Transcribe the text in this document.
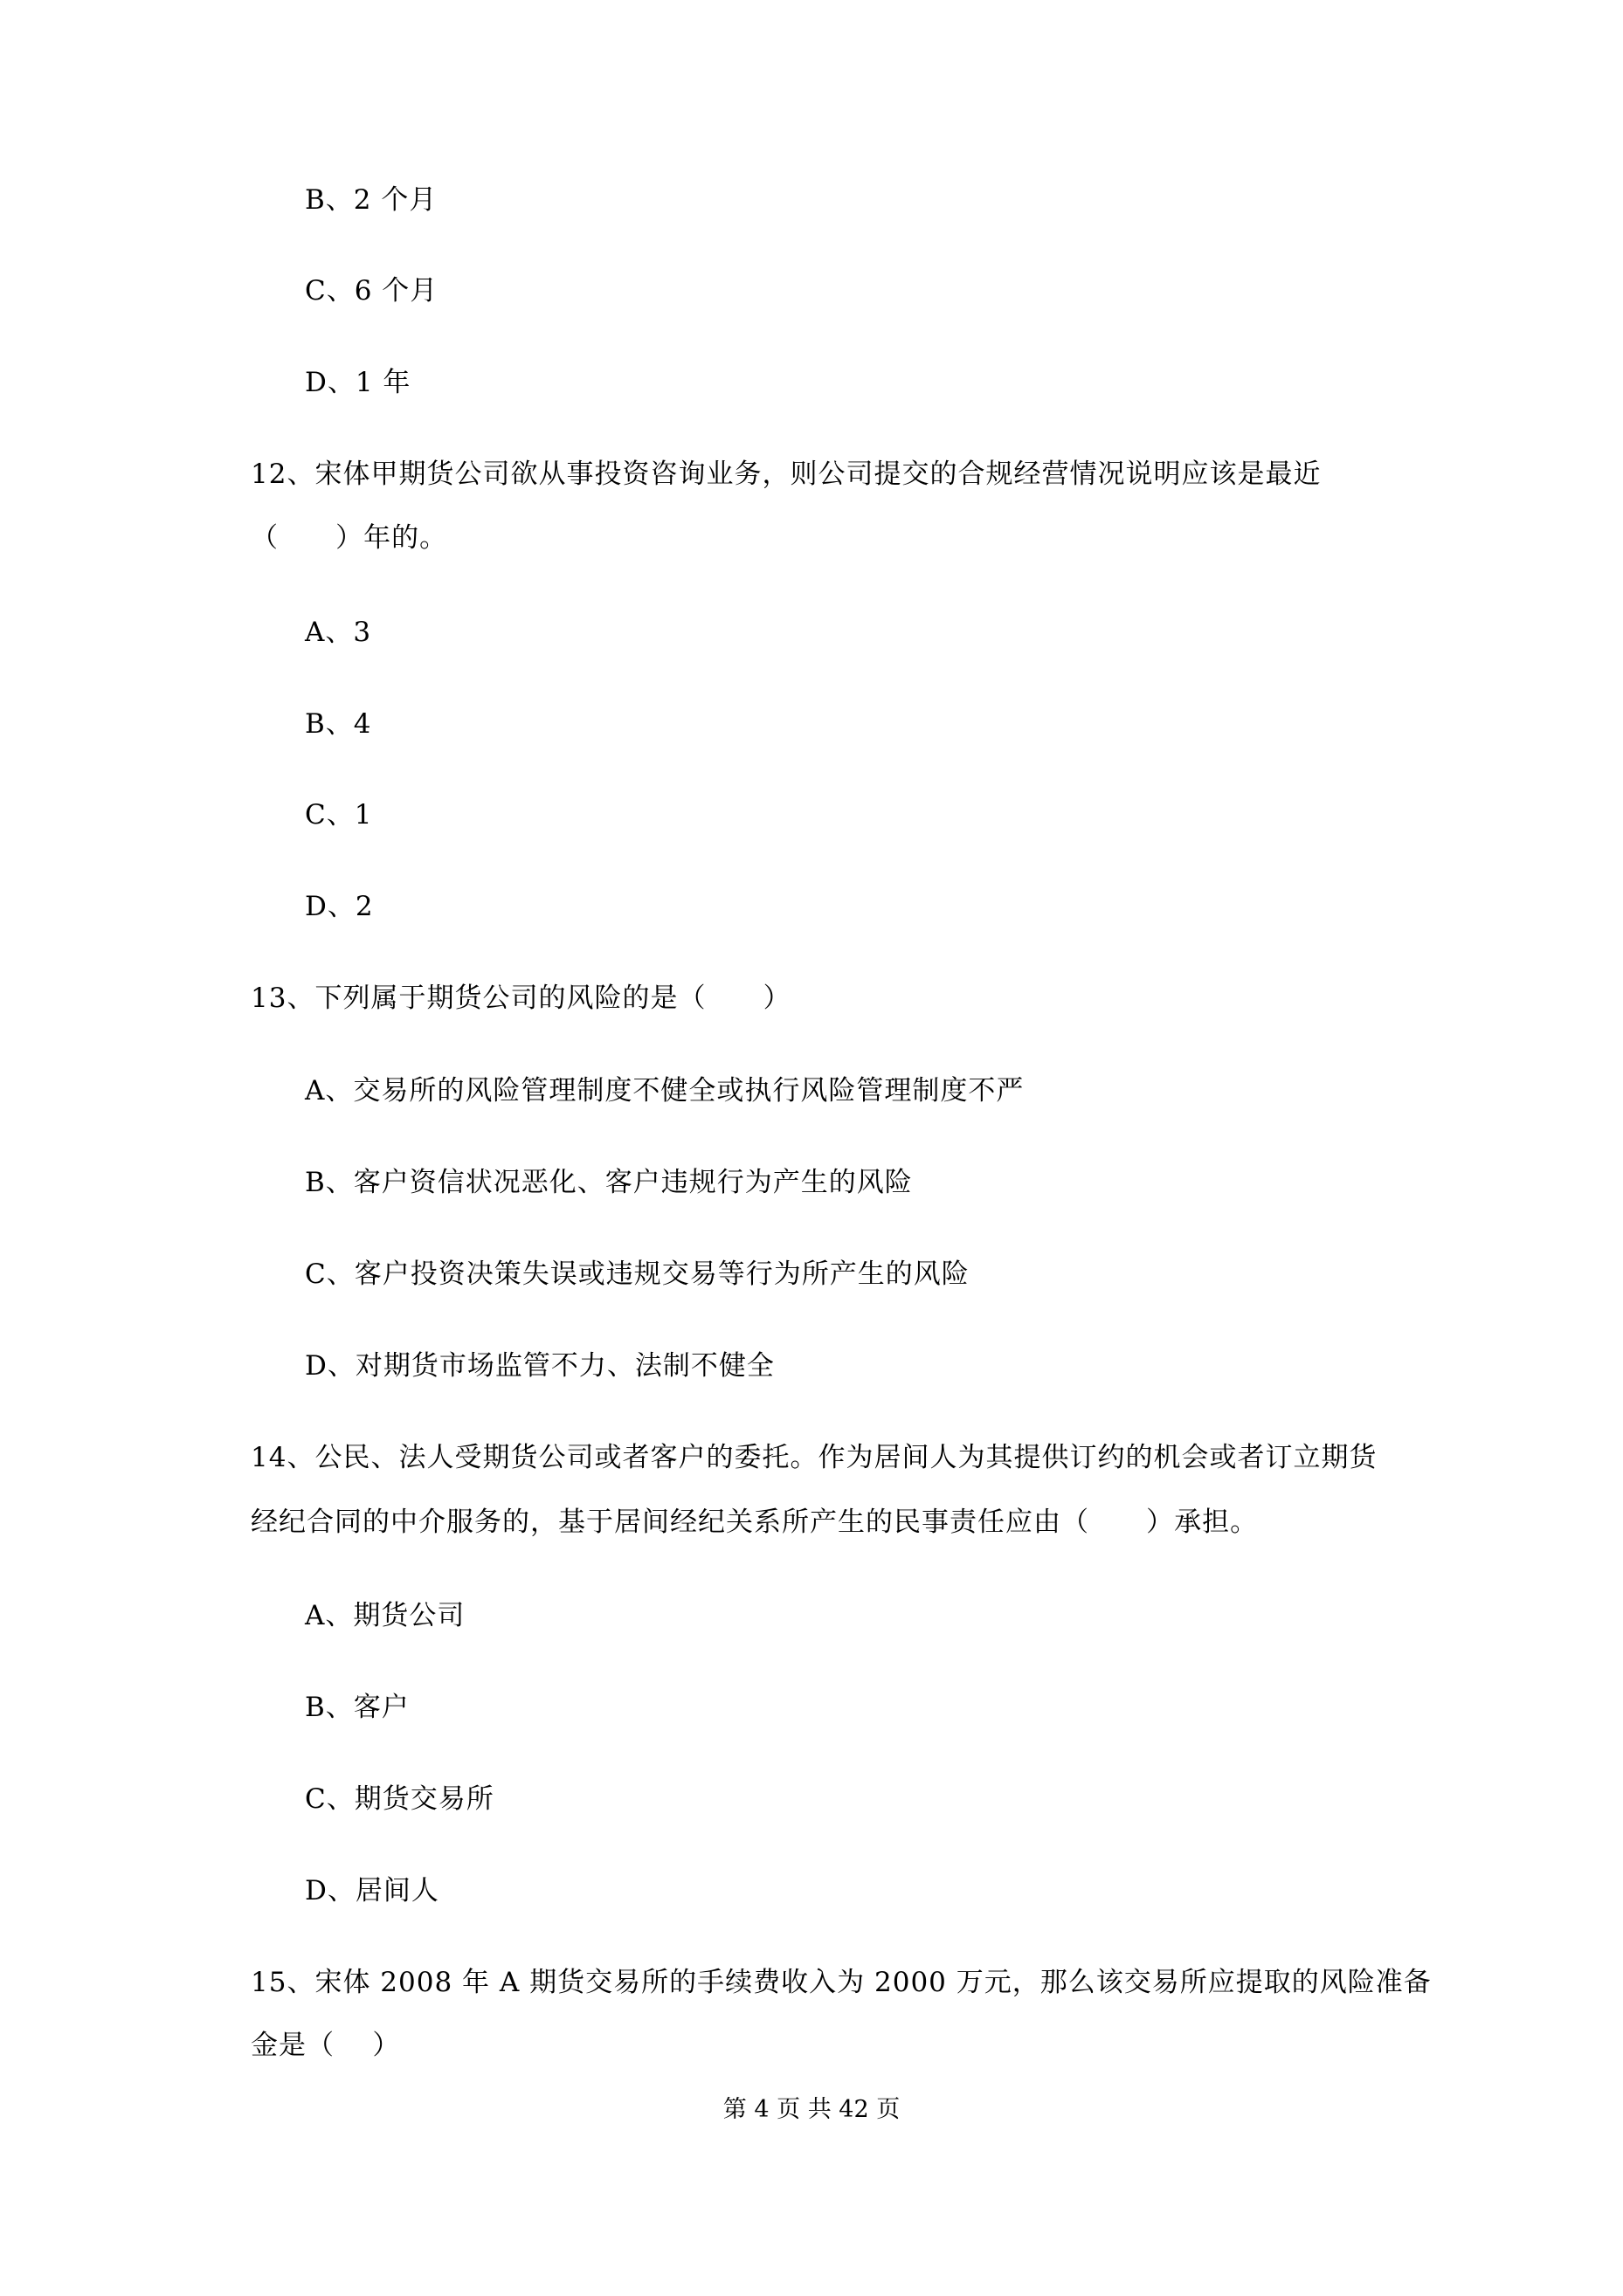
B、2 个月
C、6 个月
D、1 年
12、宋体甲期货公司欲从事投资咨询业务，则公司提交的合规经营情况说明应该是最近
（      ）年的。
A、3
B、4
C、1
D、2
13、下列属于期货公司的风险的是（      ）
A、交易所的风险管理制度不健全或执行风险管理制度不严
B、客户资信状况恶化、客户违规行为产生的风险
C、客户投资决策失误或违规交易等行为所产生的风险
D、对期货市场监管不力、法制不健全
14、公民、法人受期货公司或者客户的委托。作为居间人为其提供订约的机会或者订立期货
经纪合同的中介服务的，基于居间经纪关系所产生的民事责任应由（      ）承担。
A、期货公司
B、客户
C、期货交易所
D、居间人
15、宋体 2008 年 A 期货交易所的手续费收入为 2000 万元，那么该交易所应提取的风险准备
金是（    ）
第 4 页 共 42 页
